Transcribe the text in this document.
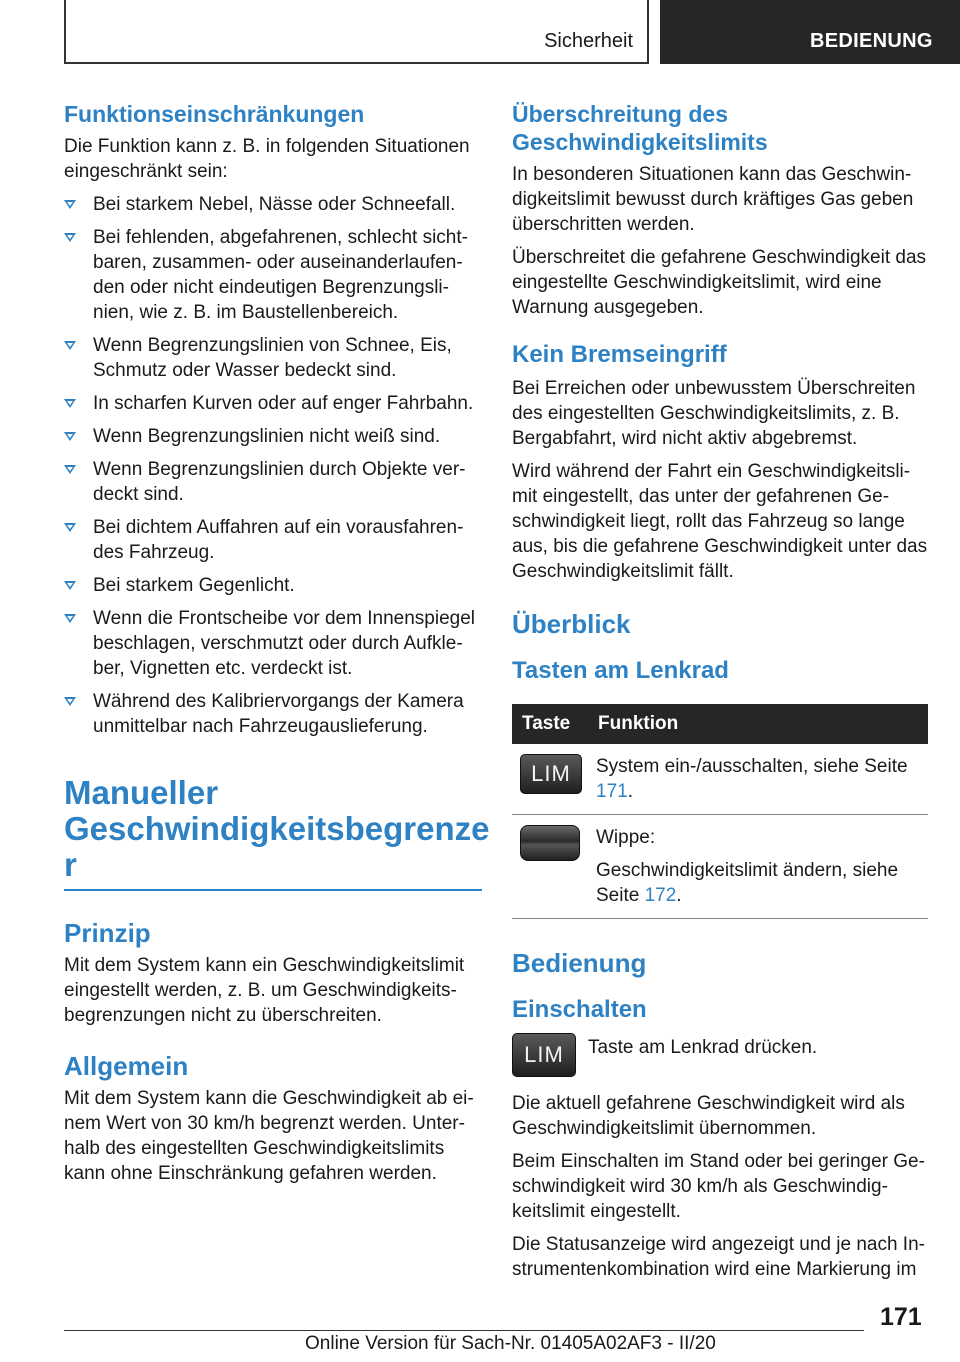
Sicherheit	BEDIENUNG
Funktionseinschränkungen

Die Funktion kann z. B. in folgenden Situationen eingeschränkt sein:

Bei starkem Nebel, Nässe oder Schneefall.
Bei fehlenden, abgefahrenen, schlecht sichtbaren, zusammen- oder auseinanderlaufenden oder nicht eindeutigen Begrenzungslinien, wie z. B. im Baustellenbereich.
Wenn Begrenzungslinien von Schnee, Eis, Schmutz oder Wasser bedeckt sind.
In scharfen Kurven oder auf enger Fahrbahn.
Wenn Begrenzungslinien nicht weiß sind.
Wenn Begrenzungslinien durch Objekte verdeckt sind.
Bei dichtem Auffahren auf ein vorausfahrendes Fahrzeug.
Bei starkem Gegenlicht.
Wenn die Frontscheibe vor dem Innenspiegel beschlagen, verschmutzt oder durch Aufkleber, Vignetten etc. verdeckt ist.
Während des Kalibriervorgangs der Kamera unmittelbar nach Fahrzeugauslieferung.
Manueller Geschwindigkeitsbegrenze r
Prinzip

Mit dem System kann ein Geschwindigkeitslimit eingestellt werden, z. B. um Geschwindigkeitsbegrenzungen nicht zu überschreiten.

Allgemein

Mit dem System kann die Geschwindigkeit ab einem Wert von 30 km/h begrenzt werden. Unterhalb des eingestellten Geschwindigkeitslimits kann ohne Einschränkung gefahren werden.

Überschreitung des Geschwindigkeitslimits

In besonderen Situationen kann das Geschwindigkeitslimit bewusst durch kräftiges Gas geben überschritten werden.

Überschreitet die gefahrene Geschwindigkeit das eingestellte Geschwindigkeitslimit, wird eine Warnung ausgegeben.

Kein Bremseingriff

Bei Erreichen oder unbewusstem Überschreiten des eingestellten Geschwindigkeitslimits, z. B. Bergabfahrt, wird nicht aktiv abgebremst.

Wird während der Fahrt ein Geschwindigkeitslimit eingestellt, das unter der gefahrenen Geschwindigkeit liegt, rollt das Fahrzeug so lange aus, bis die gefahrene Geschwindigkeit unter das Geschwindigkeitslimit fällt.

Überblick
Tasten am Lenkrad
Taste	Funktion

LIM	System ein-/ausschalten, siehe Seite 171.

	Wippe:

Geschwindigkeitslimit ändern, siehe Seite 172.

Bedienung
Einschalten
LIM	Taste am Lenkrad drücken.

Die aktuell gefahrene Geschwindigkeit wird als Geschwindigkeitslimit übernommen.

Beim Einschalten im Stand oder bei geringer Geschwindigkeit wird 30 km/h als Geschwindigkeitslimit eingestellt.

Die Statusanzeige wird angezeigt und je nach Instrumentenkombination wird eine Markierung im

171
Online Version für Sach-Nr. 01405A02AF3 - II/20
